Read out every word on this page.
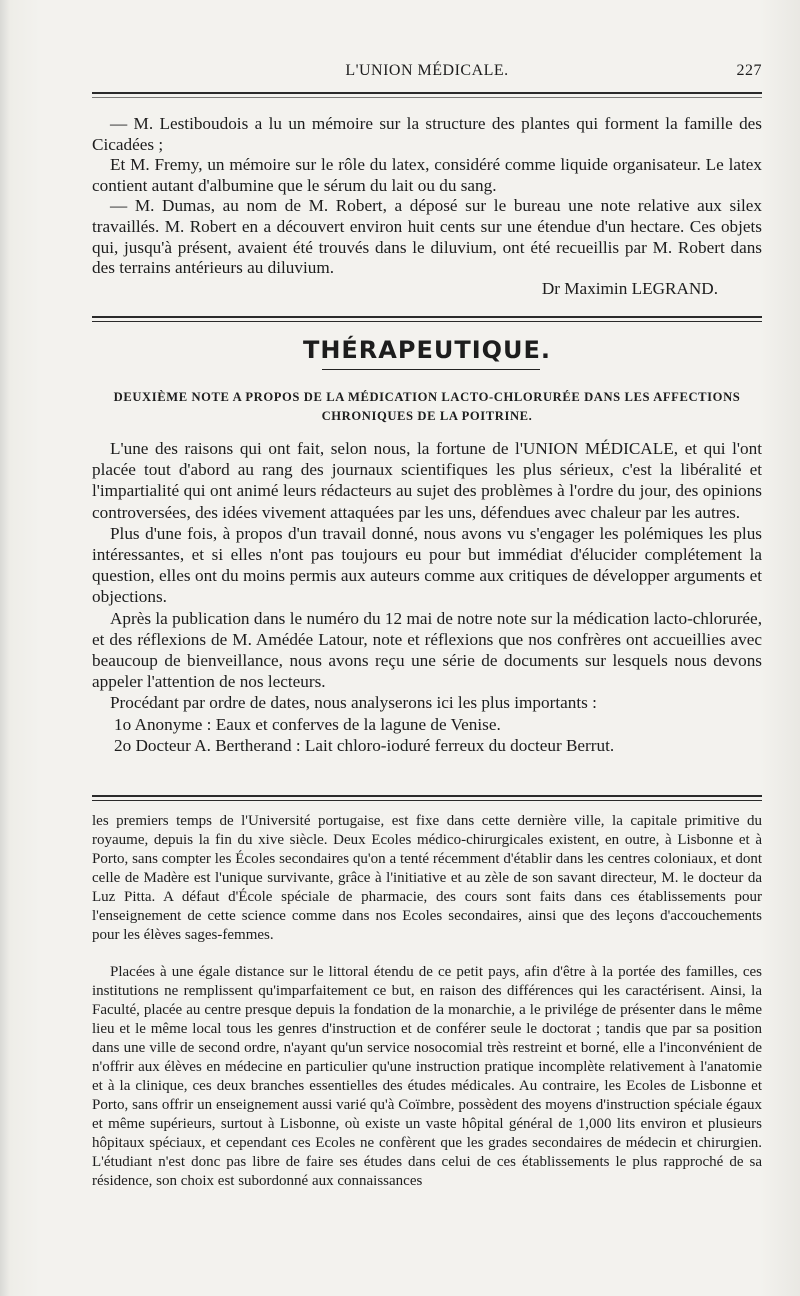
L'UNION MÉDICALE.	227

— M. Lestiboudois a lu un mémoire sur la structure des plantes qui forment la famille des Cicadées ;

Et M. Fremy, un mémoire sur le rôle du latex, considéré comme liquide organisateur. Le latex contient autant d'albumine que le sérum du lait ou du sang.

— M. Dumas, au nom de M. Robert, a déposé sur le bureau une note relative aux silex travaillés. M. Robert en a découvert environ huit cents sur une étendue d'un hectare. Ces objets qui, jusqu'à présent, avaient été trouvés dans le diluvium, ont été recueillis par M. Robert dans des terrains antérieurs au diluvium.

Dr Maximin LEGRAND.

THÉRAPEUTIQUE.
DEUXIÈME NOTE A PROPOS DE LA MÉDICATION LACTO-CHLORURÉE DANS LES AFFECTIONS
CHRONIQUES DE LA POITRINE.

L'une des raisons qui ont fait, selon nous, la fortune de l'UNION MÉDICALE, et qui l'ont placée tout d'abord au rang des journaux scientifiques les plus sérieux, c'est la libéralité et l'impartialité qui ont animé leurs rédacteurs au sujet des problèmes à l'ordre du jour, des opinions controversées, des idées vivement attaquées par les uns, défendues avec chaleur par les autres.

Plus d'une fois, à propos d'un travail donné, nous avons vu s'engager les polémiques les plus intéressantes, et si elles n'ont pas toujours eu pour but immédiat d'élucider complétement la question, elles ont du moins permis aux auteurs comme aux critiques de développer arguments et objections.

Après la publication dans le numéro du 12 mai de notre note sur la médication lacto-chlorurée, et des réflexions de M. Amédée Latour, note et réflexions que nos confrères ont accueillies avec beaucoup de bienveillance, nous avons reçu une série de documents sur lesquels nous devons appeler l'attention de nos lecteurs.

Procédant par ordre de dates, nous analyserons ici les plus importants :

1o Anonyme : Eaux et conferves de la lagune de Venise.

2o Docteur A. Bertherand : Lait chloro-ioduré ferreux du docteur Berrut.

les premiers temps de l'Université portugaise, est fixe dans cette dernière ville, la capitale primitive du royaume, depuis la fin du xive siècle. Deux Ecoles médico-chirurgicales existent, en outre, à Lisbonne et à Porto, sans compter les Écoles secondaires qu'on a tenté récemment d'établir dans les centres coloniaux, et dont celle de Madère est l'unique survivante, grâce à l'initiative et au zèle de son savant directeur, M. le docteur da Luz Pitta. A défaut d'École spéciale de pharmacie, des cours sont faits dans ces établissements pour l'enseignement de cette science comme dans nos Ecoles secondaires, ainsi que des leçons d'accouchements pour les élèves sages-femmes.

Placées à une égale distance sur le littoral étendu de ce petit pays, afin d'être à la portée des familles, ces institutions ne remplissent qu'imparfaitement ce but, en raison des différences qui les caractérisent. Ainsi, la Faculté, placée au centre presque depuis la fondation de la monarchie, a le privilége de présenter dans le même lieu et le même local tous les genres d'instruction et de conférer seule le doctorat ; tandis que par sa position dans une ville de second ordre, n'ayant qu'un service nosocomial très restreint et borné, elle a l'inconvénient de n'offrir aux élèves en médecine en particulier qu'une instruction pratique incomplète relativement à l'anatomie et à la clinique, ces deux branches essentielles des études médicales. Au contraire, les Ecoles de Lisbonne et Porto, sans offrir un enseignement aussi varié qu'à Coïmbre, possèdent des moyens d'instruction spéciale égaux et même supérieurs, surtout à Lisbonne, où existe un vaste hôpital général de 1,000 lits environ et plusieurs hôpitaux spéciaux, et cependant ces Ecoles ne confèrent que les grades secondaires de médecin et chirurgien. L'étudiant n'est donc pas libre de faire ses études dans celui de ces établissements le plus rapproché de sa résidence, son choix est subordonné aux connaissances
